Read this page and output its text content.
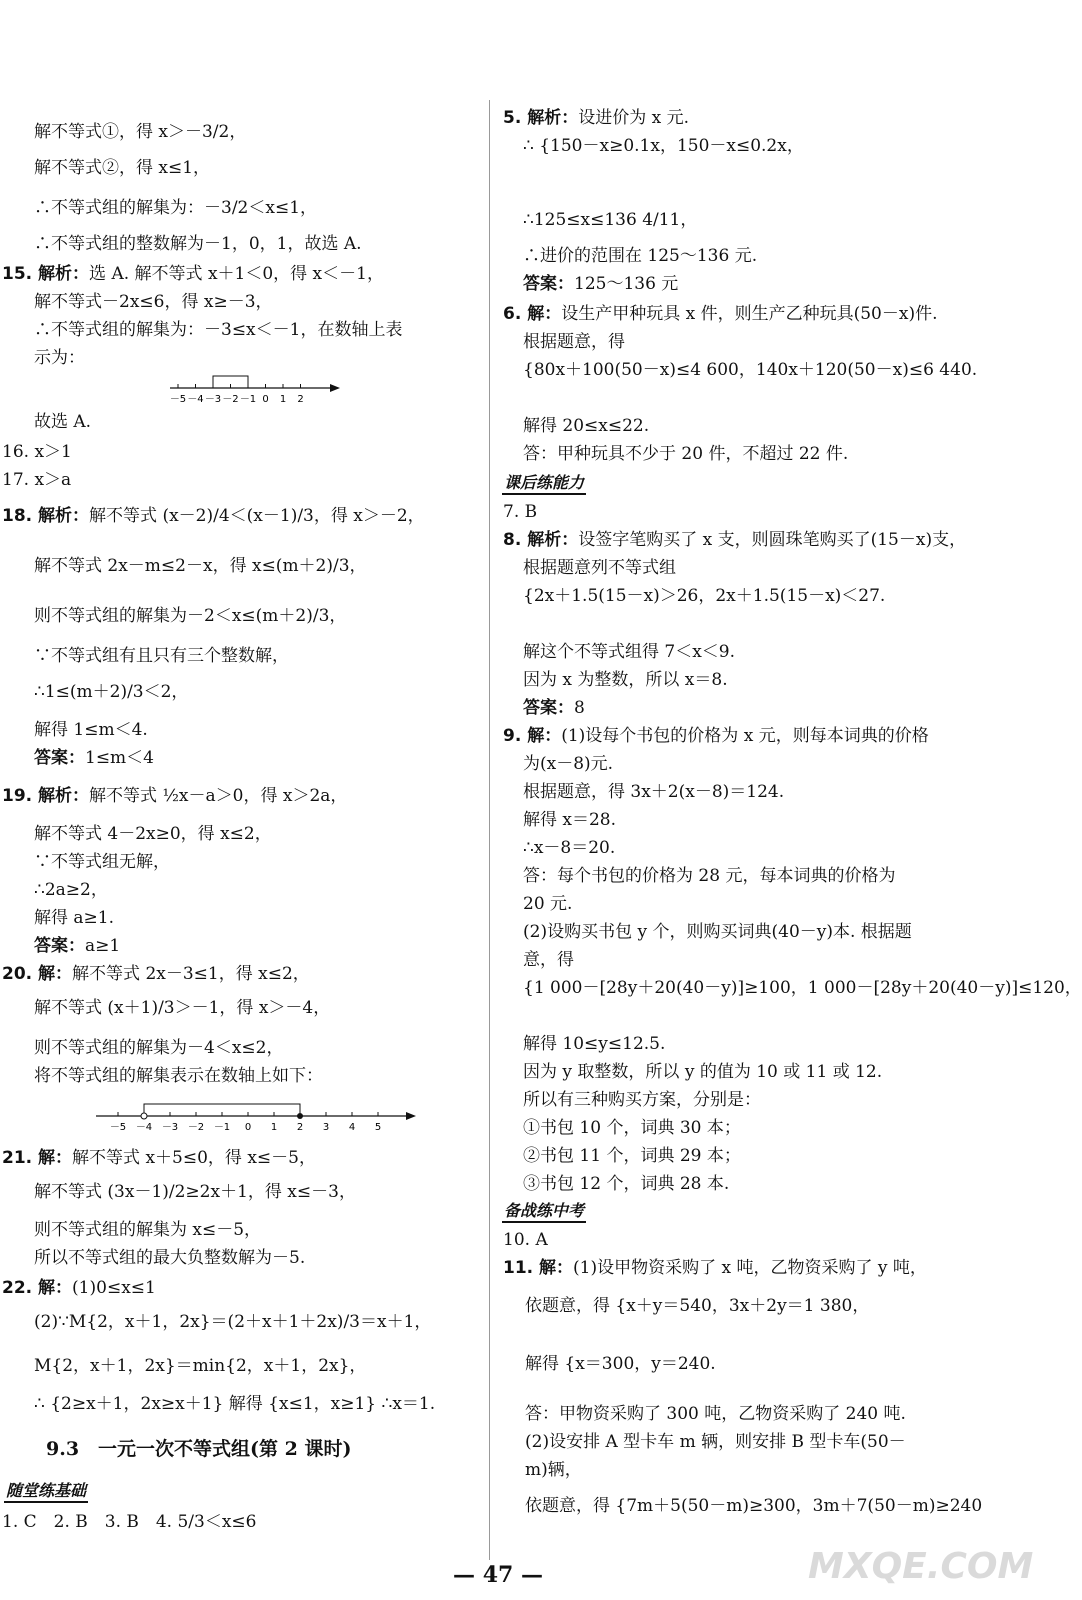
解不等式①，得 x＞－3/2，
解不等式②，得 x≤1，
∴不等式组的解集为：－3/2＜x≤1，
∴不等式组的整数解为－1，0，1，故选 A.
15. 解析：选 A. 解不等式 x＋1＜0，得 x＜－1，
解不等式－2x≤6，得 x≥－3，
∴不等式组的解集为：－3≤x＜－1，在数轴上表
示为：
故选 A.
16. x＞1
17. x＞a
18. 解析：解不等式 (x－2)/4＜(x－1)/3，得 x＞－2，
解不等式 2x－m≤2－x，得 x≤(m＋2)/3，
则不等式组的解集为－2＜x≤(m＋2)/3，
∵不等式组有且只有三个整数解，
∴1≤(m＋2)/3＜2，
解得 1≤m＜4.
答案：1≤m＜4
19. 解析：解不等式 ½x－a＞0，得 x＞2a，
解不等式 4－2x≥0，得 x≤2，
∵不等式组无解，
∴2a≥2，
解得 a≥1.
答案：a≥1
20. 解：解不等式 2x－3≤1，得 x≤2，
解不等式 (x＋1)/3＞－1，得 x＞－4，
则不等式组的解集为－4＜x≤2，
将不等式组的解集表示在数轴上如下：
21. 解：解不等式 x＋5≤0，得 x≤－5，
解不等式 (3x－1)/2≥2x＋1，得 x≤－3，
则不等式组的解集为 x≤－5，
所以不等式组的最大负整数解为－5.
22. 解：(1)0≤x≤1
(2)∵M{2，x＋1，2x}＝(2＋x＋1＋2x)/3＝x＋1，
M{2，x＋1，2x}＝min{2，x＋1，2x}，
∴ {2≥x＋1，2x≥x＋1} 解得 {x≤1，x≥1} ∴x＝1.
1. C　2. B　3. B　4. 5/3＜x≤6
5. 解析：设进价为 x 元.
∴ {150－x≥0.1x，150－x≤0.2x，
∴125≤x≤136 4/11，
∴进价的范围在 125～136 元.
答案：125～136 元
6. 解：设生产甲种玩具 x 件，则生产乙种玩具(50－x)件.
根据题意，得
{80x＋100(50－x)≤4 600，140x＋120(50－x)≤6 440.
解得 20≤x≤22.
答：甲种玩具不少于 20 件，不超过 22 件.
7. B
8. 解析：设签字笔购买了 x 支，则圆珠笔购买了(15－x)支，
根据题意列不等式组
{2x＋1.5(15－x)＞26，2x＋1.5(15－x)＜27.
解这个不等式组得 7＜x＜9.
因为 x 为整数，所以 x＝8.
答案：8
9. 解：(1)设每个书包的价格为 x 元，则每本词典的价格
为(x－8)元.
根据题意，得 3x＋2(x－8)＝124.
解得 x＝28.
∴x－8＝20.
答：每个书包的价格为 28 元，每本词典的价格为
20 元.
(2)设购买书包 y 个，则购买词典(40－y)本. 根据题
意，得
{1 000－[28y＋20(40－y)]≥100，1 000－[28y＋20(40－y)]≤120，
解得 10≤y≤12.5.
因为 y 取整数，所以 y 的值为 10 或 11 或 12.
所以有三种购买方案，分别是：
①书包 10 个，词典 30 本；
②书包 11 个，词典 29 本；
③书包 12 个，词典 28 本.
10. A
11. 解：(1)设甲物资采购了 x 吨，乙物资采购了 y 吨，
依题意，得 {x＋y＝540，3x＋2y＝1 380，
解得 {x＝300，y＝240.
答：甲物资采购了 300 吨，乙物资采购了 240 吨.
(2)设安排 A 型卡车 m 辆，则安排 B 型卡车(50－
m)辆，
依题意，得 {7m＋5(50－m)≥300，3m＋7(50－m)≥240
－5 －4 －3 －2 －1 0 1 2
－5 －4 －3 －2 －1 0 1 2 3 4 5
课后练能力
备战练中考
9.3　一元一次不等式组(第 2 课时)
随堂练基础
— 47 —	MXQE.COM
